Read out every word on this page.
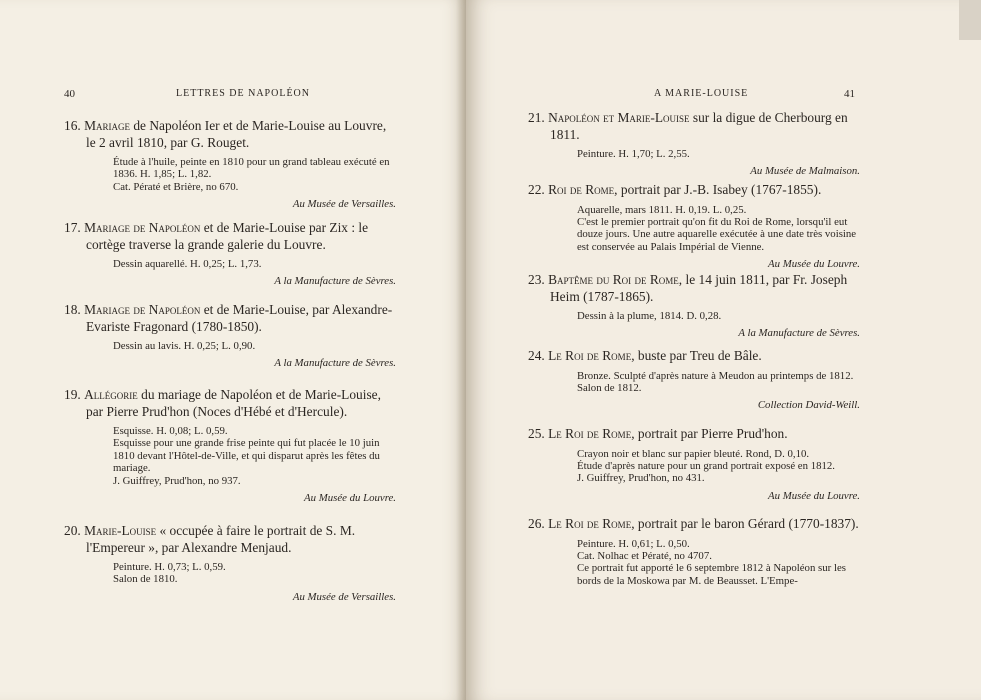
40	LETTRES DE NAPOLÉON
16. Mariage de Napoléon Ier et de Marie-Louise au Louvre, le 2 avril 1810, par G. Rouget.
Étude à l'huile, peinte en 1810 pour un grand tableau exécuté en 1836. H. 1,85; L. 1,82.
Cat. Pératé et Brière, no 670.
Au Musée de Versailles.
17. Mariage de Napoléon et de Marie-Louise par Zix : le cortège traverse la grande galerie du Louvre.
Dessin aquarellé. H. 0,25; L. 1,73.
A la Manufacture de Sèvres.
18. Mariage de Napoléon et de Marie-Louise, par Alexandre-Evariste Fragonard (1780-1850).
Dessin au lavis. H. 0,25; L. 0,90.
A la Manufacture de Sèvres.
19. Allégorie du mariage de Napoléon et de Marie-Louise, par Pierre Prud'hon (Noces d'Hébé et d'Hercule).
Esquisse. H. 0,08; L. 0,59.
Esquisse pour une grande frise peinte qui fut placée le 10 juin 1810 devant l'Hôtel-de-Ville, et qui disparut après les fêtes du mariage.
J. Guiffrey, Prud'hon, no 937.
Au Musée du Louvre.
20. Marie-Louise « occupée à faire le portrait de S. M. l'Empereur », par Alexandre Menjaud.
Peinture. H. 0,73; L. 0,59.
Salon de 1810.
Au Musée de Versailles.
A MARIE-LOUISE	41
21. Napoléon et Marie-Louise sur la digue de Cherbourg en 1811.
Peinture. H. 1,70; L. 2,55.
Au Musée de Malmaison.
22. Roi de Rome, portrait par J.-B. Isabey (1767-1855).
Aquarelle, mars 1811. H. 0,19. L. 0,25.
C'est le premier portrait qu'on fit du Roi de Rome, lorsqu'il eut douze jours. Une autre aquarelle exécutée à une date très voisine est conservée au Palais Impérial de Vienne.
Au Musée du Louvre.
23. Baptême du Roi de Rome, le 14 juin 1811, par Fr. Joseph Heim (1787-1865).
Dessin à la plume, 1814. D. 0,28.
A la Manufacture de Sèvres.
24. Le Roi de Rome, buste par Treu de Bâle.
Bronze. Sculpté d'après nature à Meudon au printemps de 1812.
Salon de 1812.
Collection David-Weill.
25. Le Roi de Rome, portrait par Pierre Prud'hon.
Crayon noir et blanc sur papier bleuté. Rond, D. 0,10.
Étude d'après nature pour un grand portrait exposé en 1812.
J. Guiffrey, Prud'hon, no 431.
Au Musée du Louvre.
26. Le Roi de Rome, portrait par le baron Gérard (1770-1837).
Peinture. H. 0,61; L. 0,50.
Cat. Nolhac et Pératé, no 4707.
Ce portrait fut apporté le 6 septembre 1812 à Napoléon sur les bords de la Moskowa par M. de Beausset. L'Empe-
